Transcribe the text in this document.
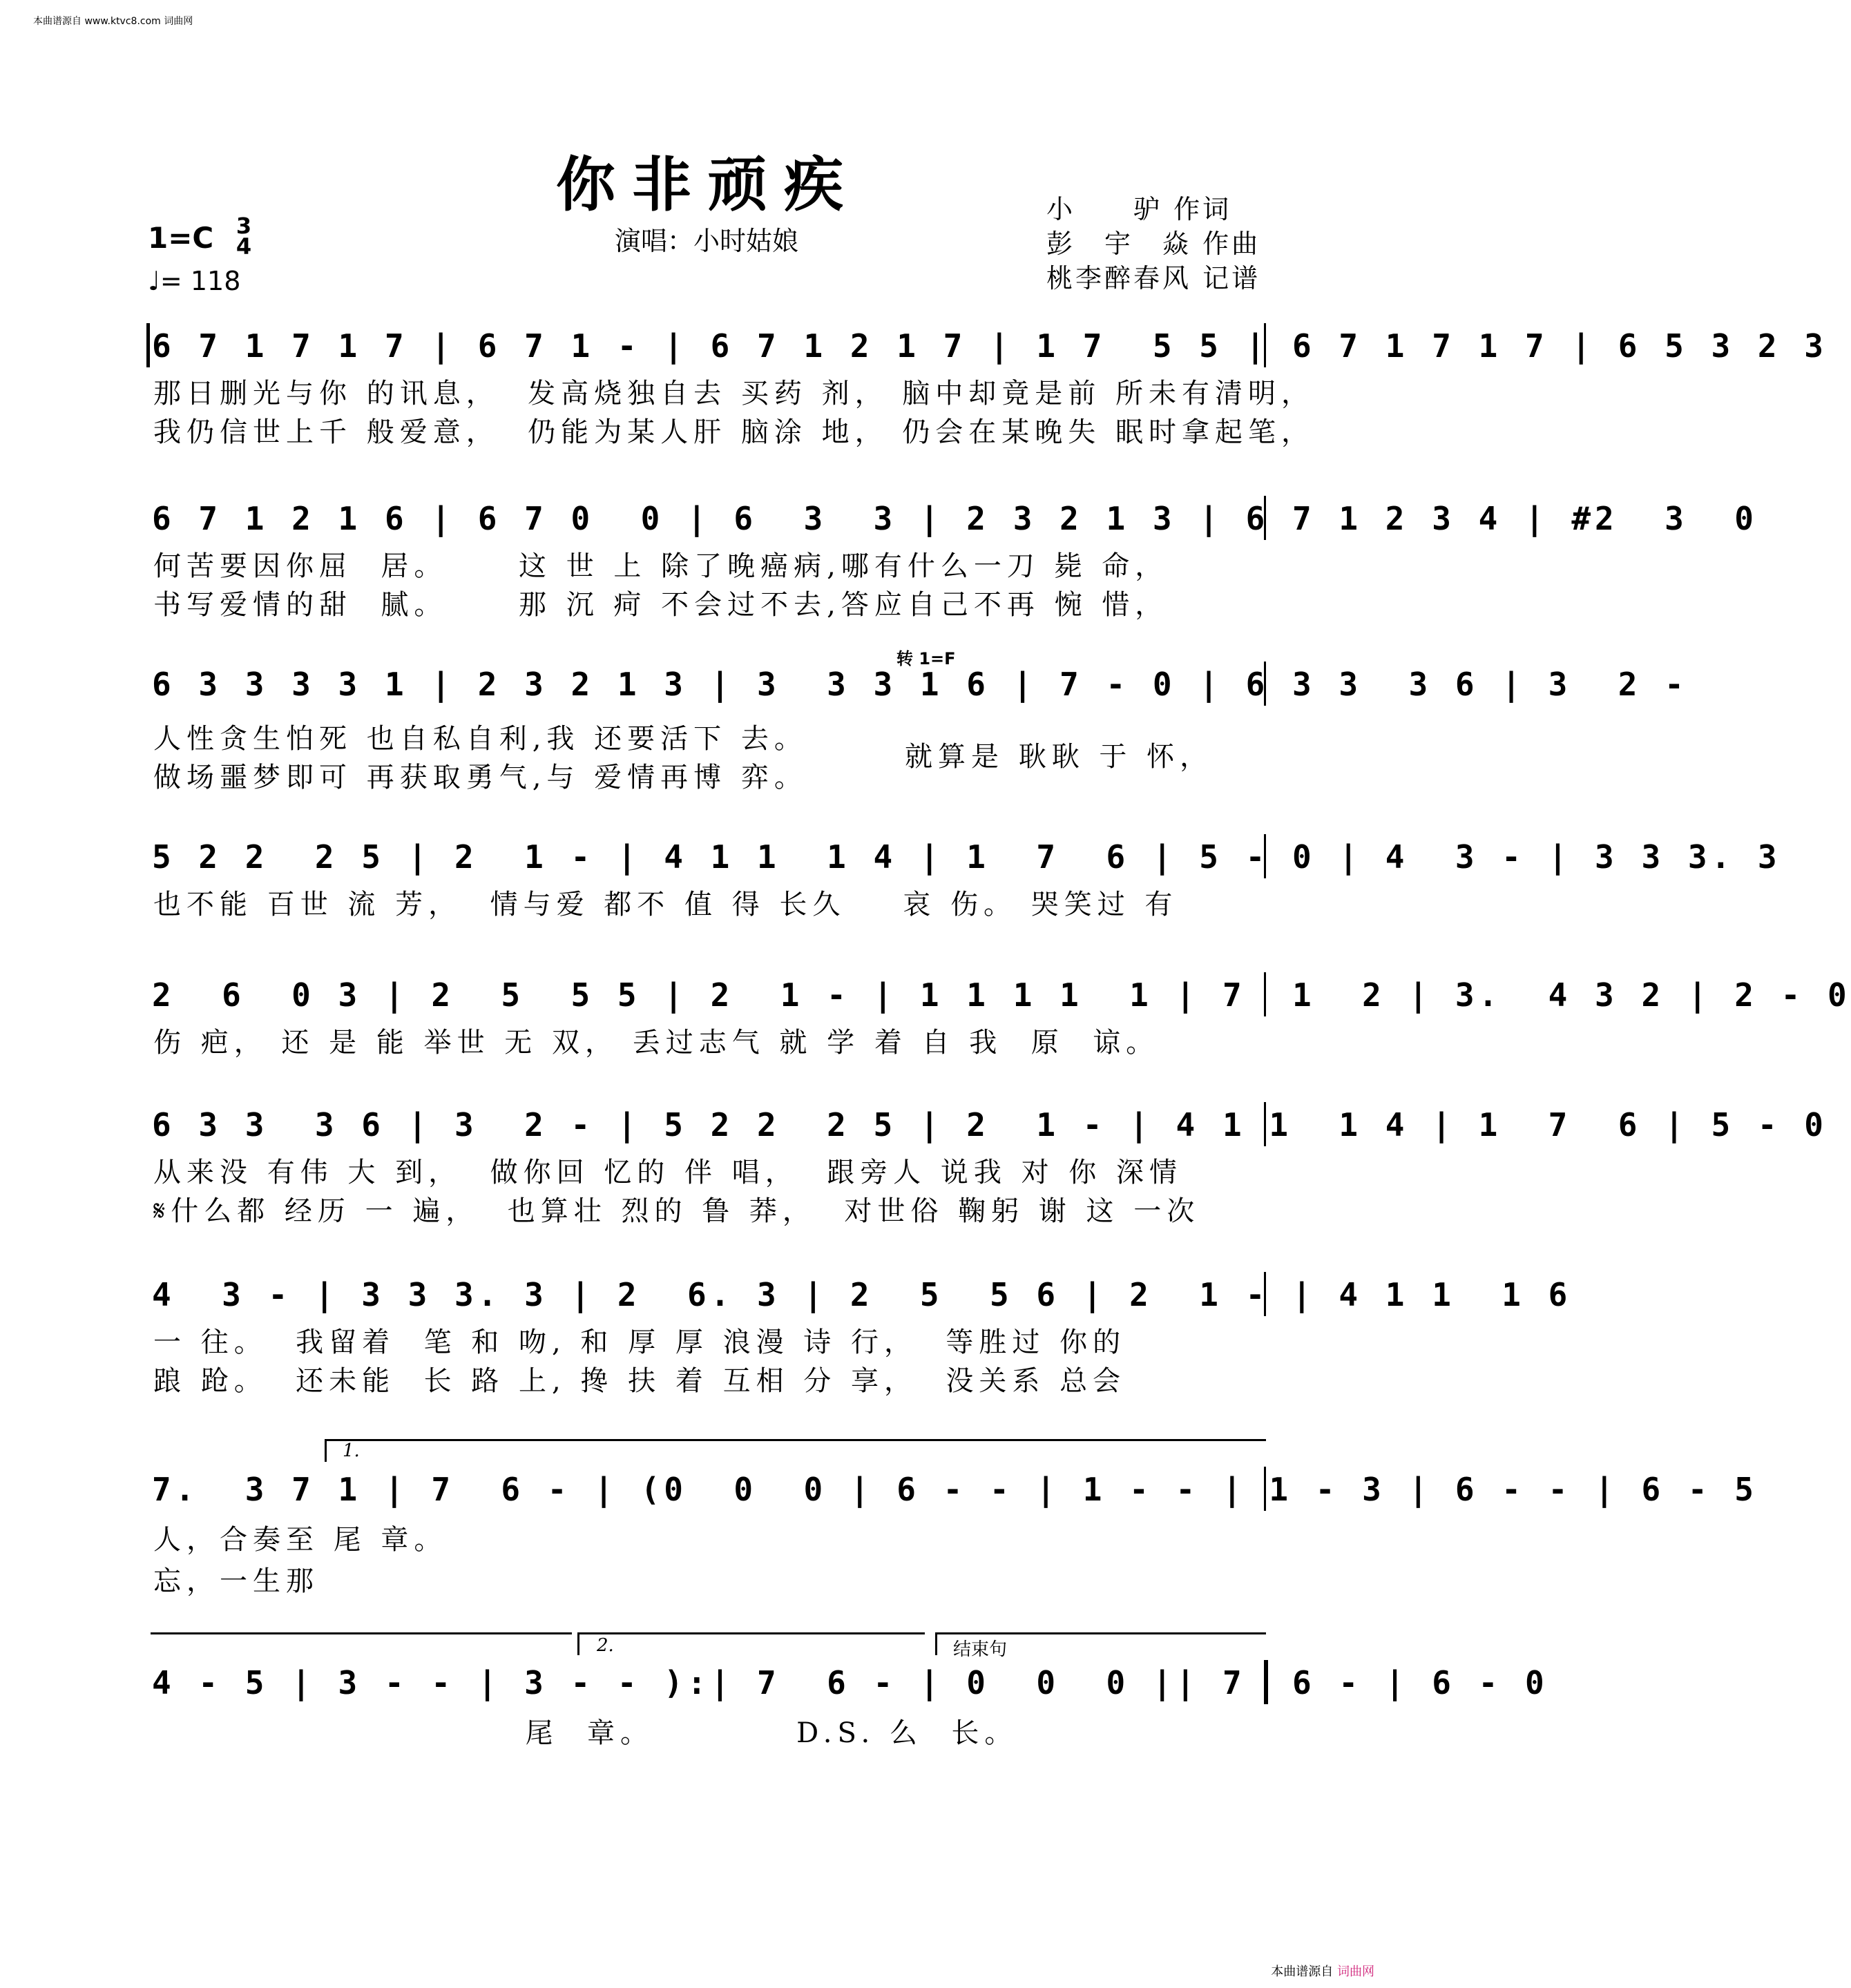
本曲谱源自 www.ktvc8.com 词曲网
你非顽疾
演唱：小时姑娘
小　　驴 作词
彭　宇　焱 作曲
桃李醉春风 记谱
1=C 3
4
♩= 118
6 7 1 7 1 7 | 6 7 1 - | 6 7 1 2 1 7 | 1 7  5 5 | 6 7 1 7 1 7 | 6 5 3 2 3
那日删光与你 的讯息，  发高烧独自去 买药 剂， 脑中却竟是前 所未有清明，
我仍信世上千 般爱意，  仍能为某人肝 脑涂 地， 仍会在某晚失 眠时拿起笔，
6 7 1 2 1 6 | 6 7 0  0 | 6  3  3 | 2 3 2 1 3 | 6 7 1 2 3 4 | #2  3  0
何苦要因你屈  居。     这 世 上 除了晚癌病,哪有什么一刀 毙 命，
书写爱情的甜  腻。     那 沉 疴 不会过不去,答应自己不再 惋 惜，
转 1=F
6 3 3 3 3 1 | 2 3 2 1 3 | 3  3 3 1 6 | 7 - 0 | 6 3 3  3 6 | 3  2 -
人性贪生怕死 也自私自利,我 还要活下 去。
做场噩梦即可 再获取勇气,与 爱情再博 弈。
就算是 耿耿 于 怀，
5 2 2  2 5 | 2  1 - | 4 1 1  1 4 | 1  7  6 | 5 - 0 | 4  3 - | 3 3 3. 3
也不能 百世 流 芳，  情与爱 都不 值 得 长久    哀 伤。 哭笑过 有
2  6  0 3 | 2  5  5 5 | 2  1 - | 1 1 1 1  1 | 7  1  2 | 3.  4 3 2 | 2 - 0
伤 疤， 还 是 能 举世 无 双， 丢过志气 就 学 着 自 我  原  谅。
6 3 3  3 6 | 3  2 - | 5 2 2  2 5 | 2  1 - | 4 1 1  1 4 | 1  7  6 | 5 - 0
从来没 有伟 大 到，  做你回 忆的 伴 唱，  跟旁人 说我 对 你 深情
𝄋什么都 经历 一 遍，  也算壮 烈的 鲁 莽，  对世俗 鞠躬 谢 这 一次
4  3 - | 3 3 3. 3 | 2  6. 3 | 2  5  5 6 | 2  1 - | 4 1 1  1 6
一 往。  我留着  笔 和 吻, 和 厚 厚 浪漫 诗 行，  等胜过 你的
踉 跄。  还未能  长 路 上, 搀 扶 着 互相 分 享，  没关系 总会
1.
7.  3 7 1 | 7  6 - | (0  0  0 | 6 - - | 1 - - | 1 - 3 | 6 - - | 6 - 5
人，合奏至 尾 章。
忘，一生那
2.	结束句
4 - 5 | 3 - - | 3 - - ):| 7  6 - | 0  0  0 || 7  6 - | 6 - 0
尾  章。          D.S. 么  长。
本曲谱源自 词曲网
